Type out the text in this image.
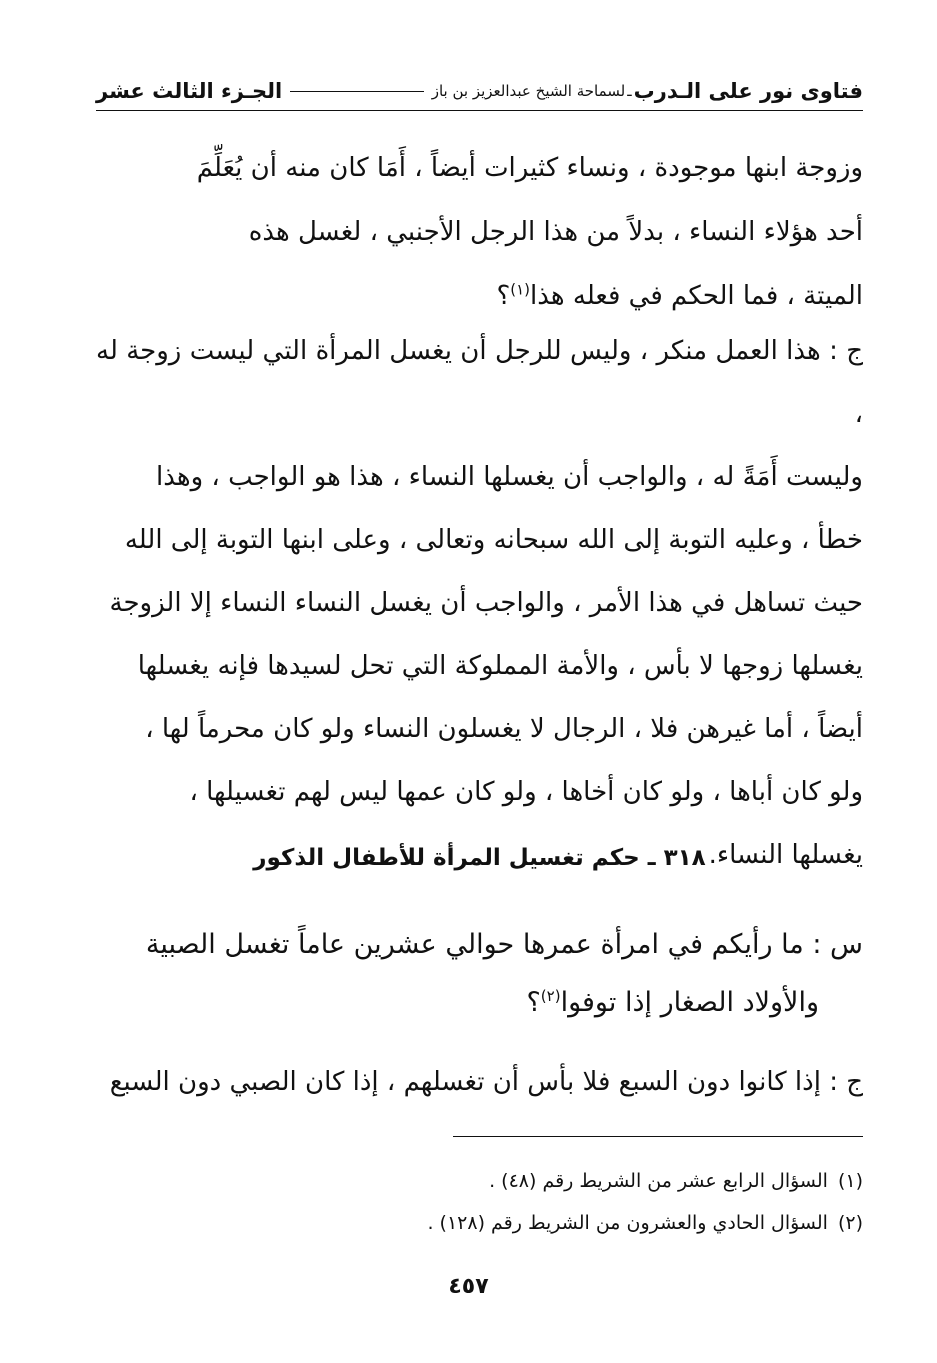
فتاوى نور على الـدرب
ـ
لسماحة الشيخ عبدالعزيز بن باز
الجـزء الثالث عشر

وزوجة ابنها موجودة ، ونساء كثيرات أيضاً ، أَمَا كان منه أن يُعَلِّمَ

أحد هؤلاء النساء ، بدلاً من هذا الرجل الأجنبي ، لغسل هذه

الميتة ، فما الحكم في فعله هذا$^{(١)}$؟

ج : هذا العمل منكر ، وليس للرجل أن يغسل المرأة التي ليست زوجة له ،

وليست أَمَةً له ، والواجب أن يغسلها النساء ، هذا هو الواجب ، وهذا

خطأ ، وعليه التوبة إلى الله سبحانه وتعالى ، وعلى ابنها التوبة إلى الله

حيث تساهل في هذا الأمر ، والواجب أن يغسل النساء النساء إلا الزوجة

يغسلها زوجها لا بأس ، والأمة المملوكة التي تحل لسيدها فإنه يغسلها

أيضاً ، أما غيرهن فلا ، الرجال لا يغسلون النساء ولو كان محرماً لها ،

ولو كان أباها ، ولو كان أخاها ، ولو كان عمها ليس لهم تغسيلها ،

يغسلها النساء.

٣١٨ ـ حكم تغسيل المرأة للأطفال الذكور

س : ما رأيكم في امرأة عمرها حوالي عشرين عاماً تغسل الصبية

والأولاد الصغار إذا توفوا$^{(٢)}$؟

ج : إذا كانوا دون السبع فلا بأس أن تغسلهم ، إذا كان الصبي دون السبع

(١)
السؤال الرابع عشر من الشريط رقم (٤٨) .
(٢)
السؤال الحادي والعشرون من الشريط رقم (١٢٨) .
٤٥٧
